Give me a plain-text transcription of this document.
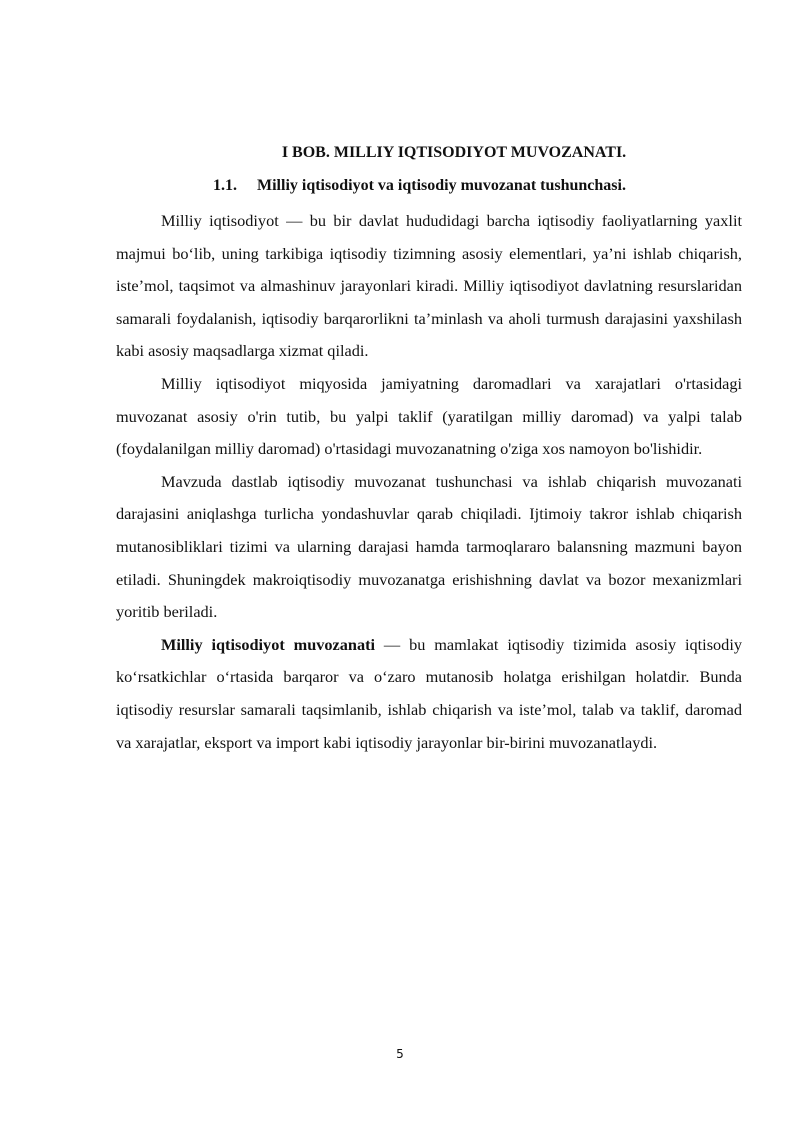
I BOB. MILLIY IQTISODIYOT MUVOZANATI.
1.1. Milliy iqtisodiyot va iqtisodiy muvozanat tushunchasi.

Milliy iqtisodiyot — bu bir davlat hududidagi barcha iqtisodiy faoliyatlarning yaxlit majmui bo‘lib, uning tarkibiga iqtisodiy tizimning asosiy elementlari, ya’ni ishlab chiqarish, iste’mol, taqsimot va almashinuv jarayonlari kiradi. Milliy iqtisodiyot davlatning resurslaridan samarali foydalanish, iqtisodiy barqarorlikni ta’minlash va aholi turmush darajasini yaxshilash kabi asosiy maqsadlarga xizmat qiladi.

Milliy iqtisodiyot miqyosida jamiyatning daromadlari va xarajatlari o'rtasidagi muvozanat asosiy o'rin tutib, bu yalpi taklif (yaratilgan milliy daromad) va yalpi talab (foydalanilgan milliy daromad) o'rtasidagi muvozanatning o'ziga xos namoyon bo'lishidir.

Mavzuda dastlab iqtisodiy muvozanat tushunchasi va ishlab chiqarish muvozanati darajasini aniqlashga turlicha yondashuvlar qarab chiqiladi. Ijtimoiy takror ishlab chiqarish mutanosibliklari tizimi va ularning darajasi hamda tarmoqlararo balansning mazmuni bayon etiladi. Shuningdek makroiqtisodiy muvozanatga erishishning davlat va bozor mexanizmlari yoritib beriladi.

Milliy iqtisodiyot muvozanati — bu mamlakat iqtisodiy tizimida asosiy iqtisodiy ko‘rsatkichlar o‘rtasida barqaror va o‘zaro mutanosib holatga erishilgan holatdir. Bunda iqtisodiy resurslar samarali taqsimlanib, ishlab chiqarish va iste’mol, talab va taklif, daromad va xarajatlar, eksport va import kabi iqtisodiy jarayonlar bir-birini muvozanatlaydi.

5
